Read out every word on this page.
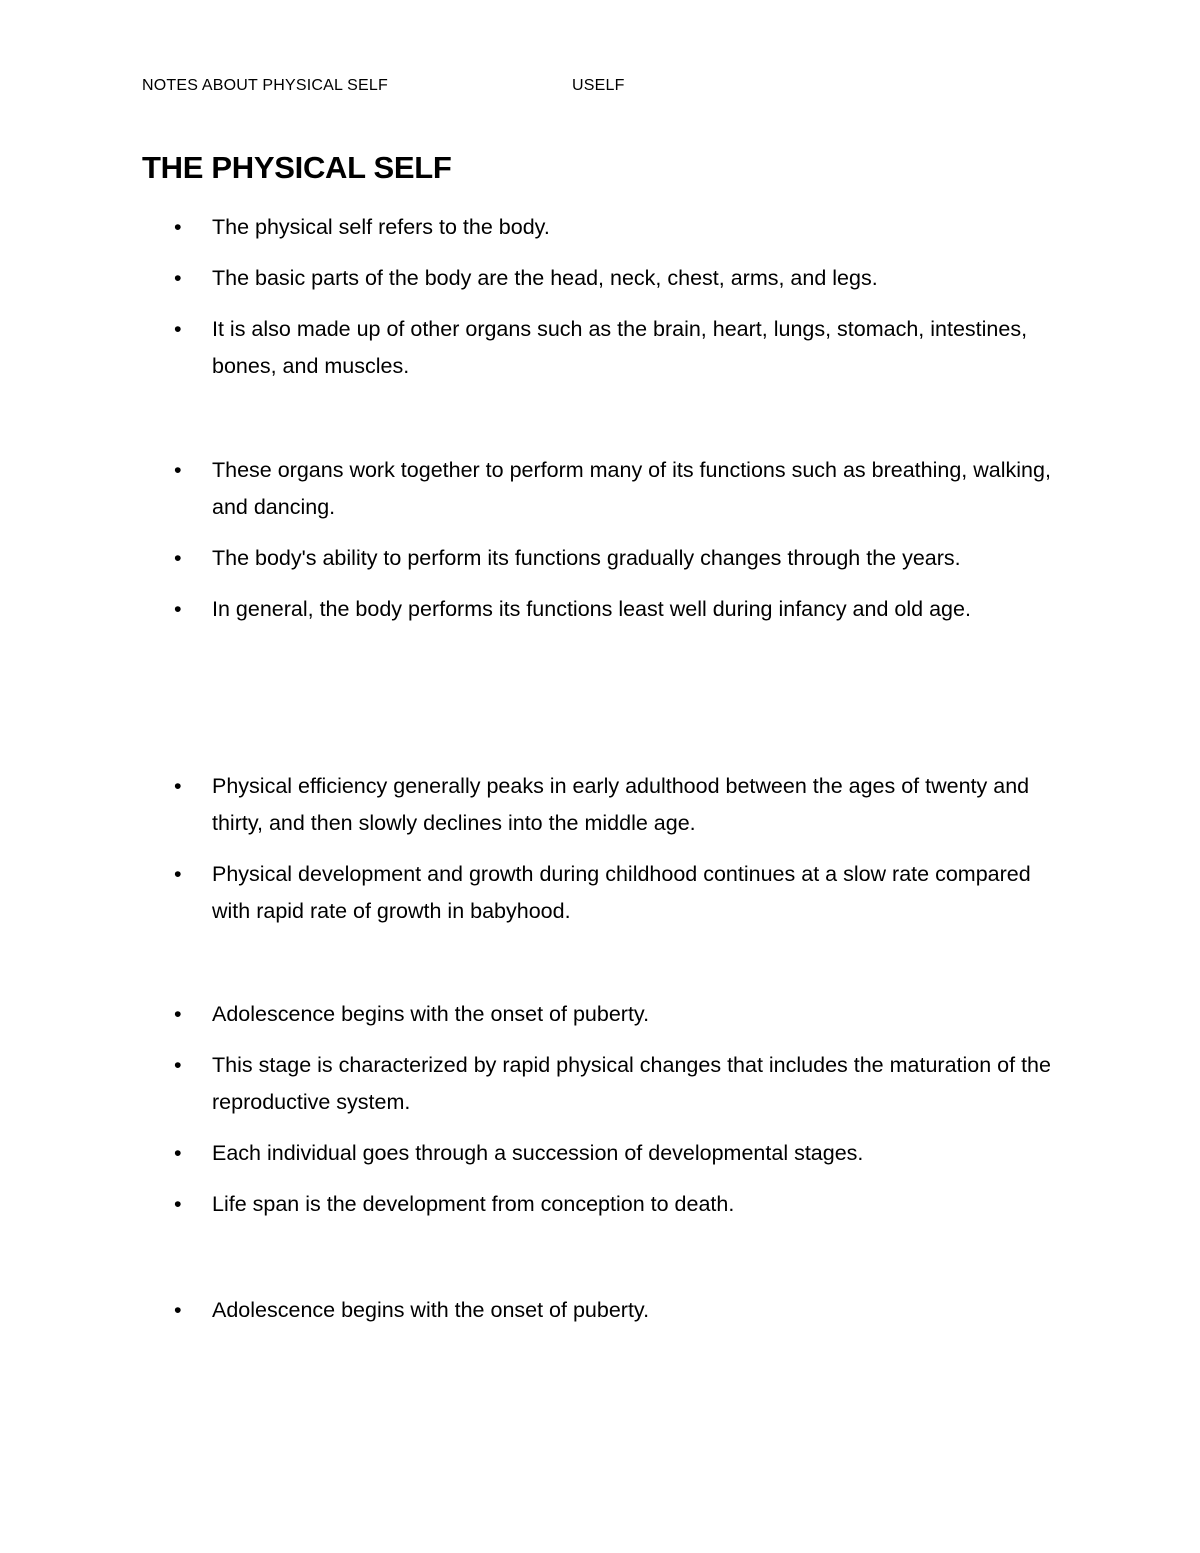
NOTES ABOUT PHYSICAL SELF	USELF
THE PHYSICAL SELF
• The physical self refers to the body.
• The basic parts of the body are the head, neck, chest, arms, and legs.
• It is also made up of other organs such as the brain, heart, lungs, stomach, intestines, bones, and muscles.
• These organs work together to perform many of its functions such as breathing, walking, and dancing.
• The body's ability to perform its functions gradually changes through the years.
• In general, the body performs its functions least well during infancy and old age.
• Physical efficiency generally peaks in early adulthood between the ages of twenty and thirty, and then slowly declines into the middle age.
• Physical development and growth during childhood continues at a slow rate compared with rapid rate of growth in babyhood.
• Adolescence begins with the onset of puberty.
• This stage is characterized by rapid physical changes that includes the maturation of the reproductive system.
• Each individual goes through a succession of developmental stages.
• Life span is the development from conception to death.
• Adolescence begins with the onset of puberty.
